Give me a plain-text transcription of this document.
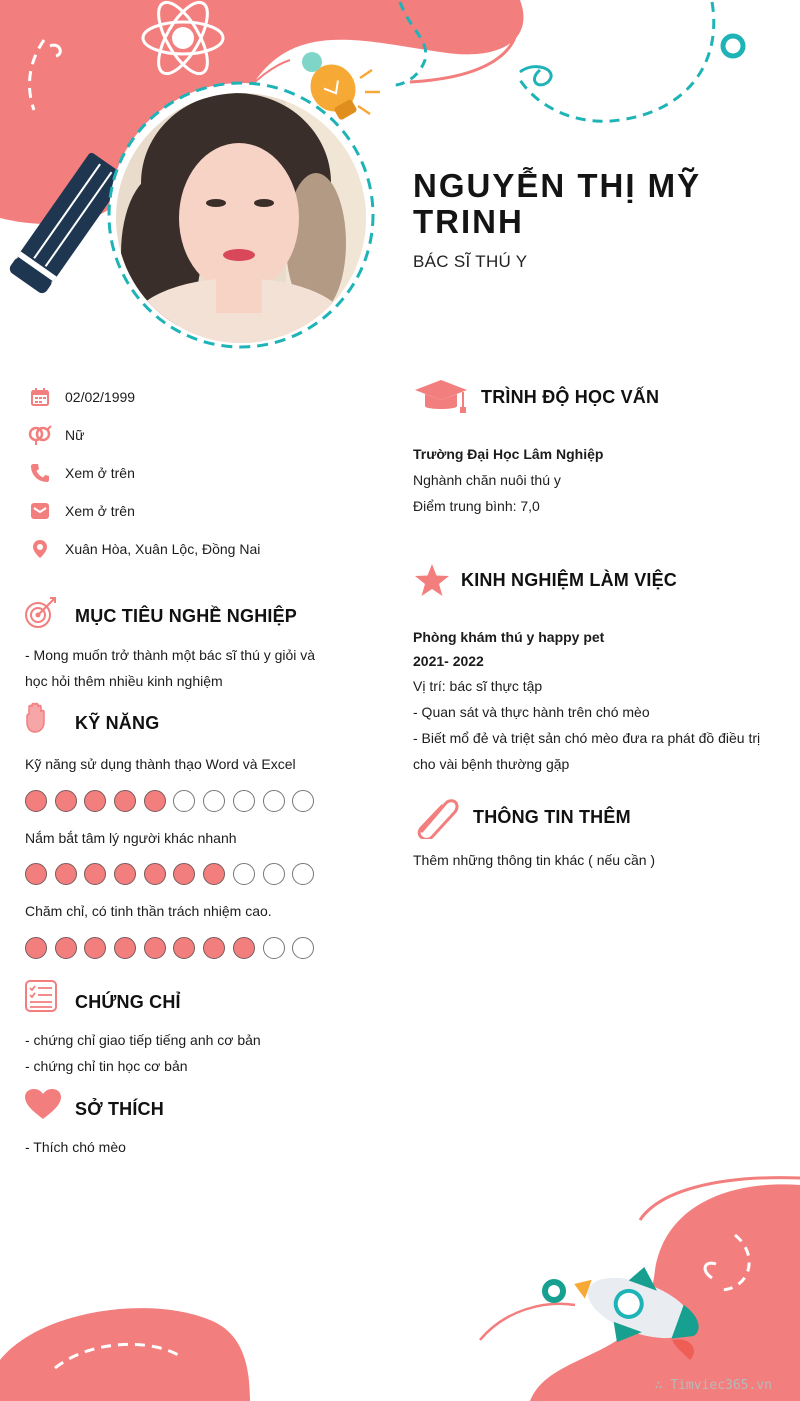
NGUYỄN THỊ MỸ TRINH
BÁC SĨ THÚ Y
02/02/1999
Nữ
Xem ở trên
Xem ở trên
Xuân Hòa, Xuân Lộc, Đồng Nai
MỤC TIÊU NGHỀ NGHIỆP
- Mong muốn trở thành một bác sĩ thú y giỏi và
học hỏi thêm nhiều kinh nghiệm
KỸ NĂNG
Kỹ năng sử dụng thành thạo Word và Excel
Nắm bắt tâm lý người khác nhanh
Chăm chỉ, có tinh thần trách nhiệm cao.
CHỨNG CHỈ
- chứng chỉ giao tiếp tiếng anh cơ bản
- chứng chỉ tin học cơ bản
SỞ THÍCH
- Thích chó mèo
TRÌNH ĐỘ HỌC VẤN
Trường Đại Học Lâm Nghiệp
Nghành chăn nuôi thú y
Điểm trung bình: 7,0
KINH NGHIỆM LÀM VIỆC
Phòng khám thú y happy pet
2021- 2022
Vị trí: bác sĩ thực tập
- Quan sát và thực hành trên chó mèo
- Biết mổ đẻ và triệt sản chó mèo đưa ra phát đồ điều trị
cho vài bệnh thường gặp
THÔNG TIN THÊM
Thêm những thông tin khác ( nếu cần )
∴ Timviec365.vn
